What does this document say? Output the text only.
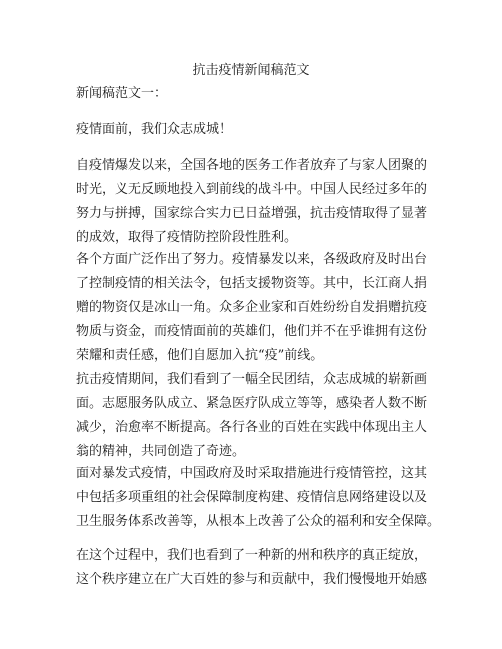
抗击疫情新闻稿范文

新闻稿范文一：

疫情面前，我们众志成城！

自疫情爆发以来，全国各地的医务工作者放弃了与家人团聚的
时光，义无反顾地投入到前线的战斗中。中国人民经过多年的
努力与拼搏，国家综合实力已日益增强，抗击疫情取得了显著
的成效，取得了疫情防控阶段性胜利。

各个方面广泛作出了努力。疫情暴发以来，各级政府及时出台
了控制疫情的相关法令，包括支援物资等。其中，长江商人捐
赠的物资仅是冰山一角。众多企业家和百姓纷纷自发捐赠抗疫
物质与资金，而疫情面前的英雄们，他们并不在乎谁拥有这份
荣耀和责任感，他们自愿加入抗“疫”前线。

抗击疫情期间，我们看到了一幅全民团结，众志成城的崭新画
面。志愿服务队成立、紧急医疗队成立等等，感染者人数不断
减少，治愈率不断提高。各行各业的百姓在实践中体现出主人
翁的精神，共同创造了奇迹。

面对暴发式疫情，中国政府及时采取措施进行疫情管控，这其
中包括多项重组的社会保障制度构建、疫情信息网络建设以及
卫生服务体系改善等，从根本上改善了公众的福利和安全保障。

在这个过程中，我们也看到了一种新的州和秩序的真正绽放，
这个秩序建立在广大百姓的参与和贡献中，我们慢慢地开始感
